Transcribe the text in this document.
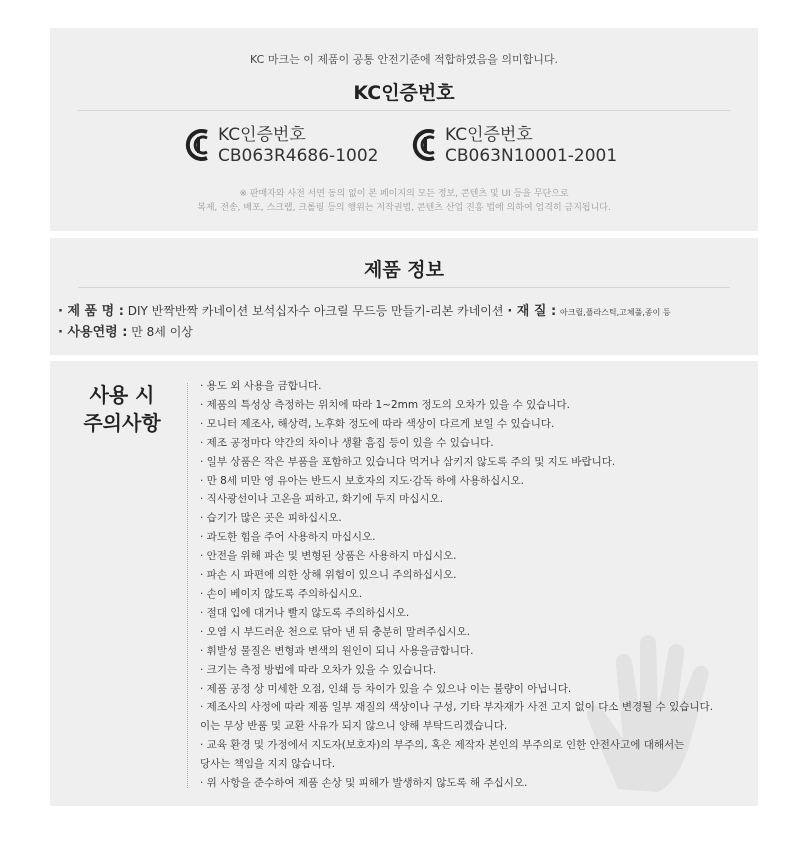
KC 마크는 이 제품이 공통 안전기준에 적합하였음을 의미합니다.
KC인증번호
KC인증번호
CB063R4686-1002
KC인증번호
CB063N10001-2001
※ 판매자와 사전 서면 동의 없이 본 페이지의 모든 정보, 콘텐츠 및 UI 등을 무단으로
복제, 전송, 배포, 스크랩, 크롤링 등의 행위는 저작권법, 콘텐츠 산업 진흥 법에 의하여 엄격히 금지됩니다.
제품 정보
· 제 품 명 : DIY 반짝반짝 카네이션 보석십자수 아크릴 무드등 만들기-리본 카네이션 · 재 질 : 아크릴,플라스틱,고체풀,종이 등
· 사용연령 : 만 8세 이상
사용 시
주의사항
· 용도 외 사용을 금합니다.
· 제품의 특성상 측정하는 위치에 따라 1~2mm 정도의 오차가 있을 수 있습니다.
· 모니터 제조사, 해상력, 노후화 정도에 따라 색상이 다르게 보일 수 있습니다.
· 제조 공정마다 약간의 차이나 생활 흠집 등이 있을 수 있습니다.
· 일부 상품은 작은 부품을 포함하고 있습니다 먹거나 삼키지 않도록 주의 및 지도 바랍니다.
· 만 8세 미만 영 유아는 반드시 보호자의 지도·감독 하에 사용하십시오.
· 직사광선이나 고온을 피하고, 화기에 두지 마십시오.
· 습기가 많은 곳은 피하십시오.
· 과도한 힘을 주어 사용하지 마십시오.
· 안전을 위해 파손 및 변형된 상품은 사용하지 마십시오.
· 파손 시 파편에 의한 상해 위험이 있으니 주의하십시오.
· 손이 베이지 않도록 주의하십시오.
· 절대 입에 대거나 빨지 않도록 주의하십시오.
· 오염 시 부드러운 천으로 닦아 낸 뒤 충분히 말려주십시오.
· 휘발성 물질은 변형과 변색의 원인이 되니 사용을금합니다.
· 크기는 측정 방법에 따라 오차가 있을 수 있습니다.
· 제품 공정 상 미세한 오점, 인쇄 등 차이가 있을 수 있으나 이는 불량이 아닙니다.
· 제조사의 사정에 따라 제품 일부 재질의 색상이나 구성, 기타 부자재가 사전 고지 없이 다소 변경될 수 있습니다.
이는 무상 반품 및 교환 사유가 되지 않으니 양해 부탁드리겠습니다.
· 교육 환경 및 가정에서 지도자(보호자)의 부주의, 혹은 제작자 본인의 부주의로 인한 안전사고에 대해서는
당사는 책임을 지지 않습니다.
· 위 사항을 준수하여 제품 손상 및 피해가 발생하지 않도록 해 주십시오.
